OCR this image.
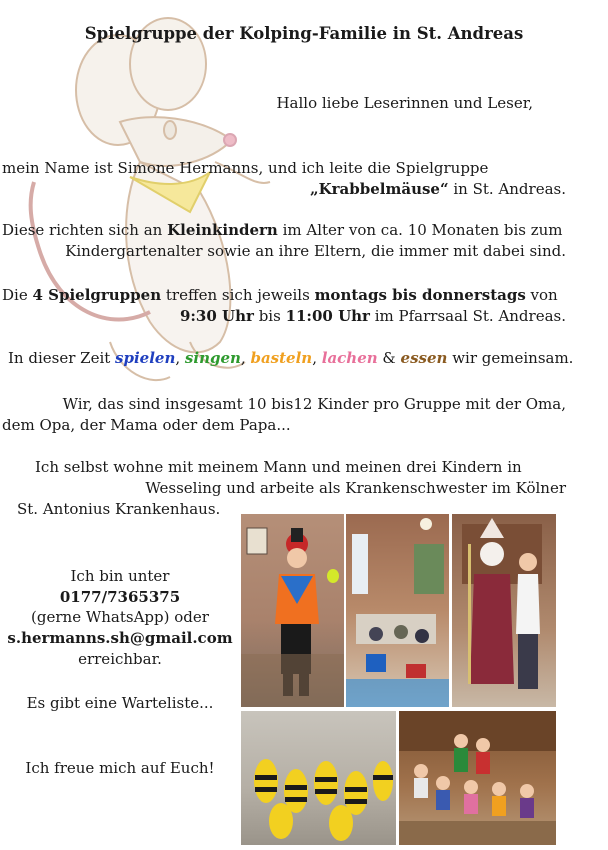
Spielgruppe der Kolping-Familie in St. Andreas
Hallo liebe Leserinnen und Leser,
mein Name ist Simone Hermanns, und ich leite die Spielgruppe
„Krabbelmäuse“ in St. Andreas.
Diese richten sich an Kleinkindern im Alter von ca. 10 Monaten bis zum
Kindergartenalter sowie an ihre Eltern, die immer mit dabei sind.
Die 4 Spielgruppen treffen sich jeweils montags bis donnerstags von
9:30 Uhr bis 11:00 Uhr im Pfarrsaal St. Andreas.
In dieser Zeit spielen, singen, basteln, lachen & essen wir gemeinsam.
Wir, das sind insgesamt 10 bis12 Kinder pro Gruppe mit der Oma,
dem Opa, der Mama oder dem Papa...
Ich selbst wohne mit meinem Mann und meinen drei Kindern in
Wesseling und arbeite als Krankenschwester im Kölner
St. Antonius Krankenhaus.
Ich bin unter
0177/7365375
(gerne WhatsApp) oder
s.hermanns.sh@gmail.com
erreichbar.
Es gibt eine Warteliste...
Ich freue mich auf Euch!
